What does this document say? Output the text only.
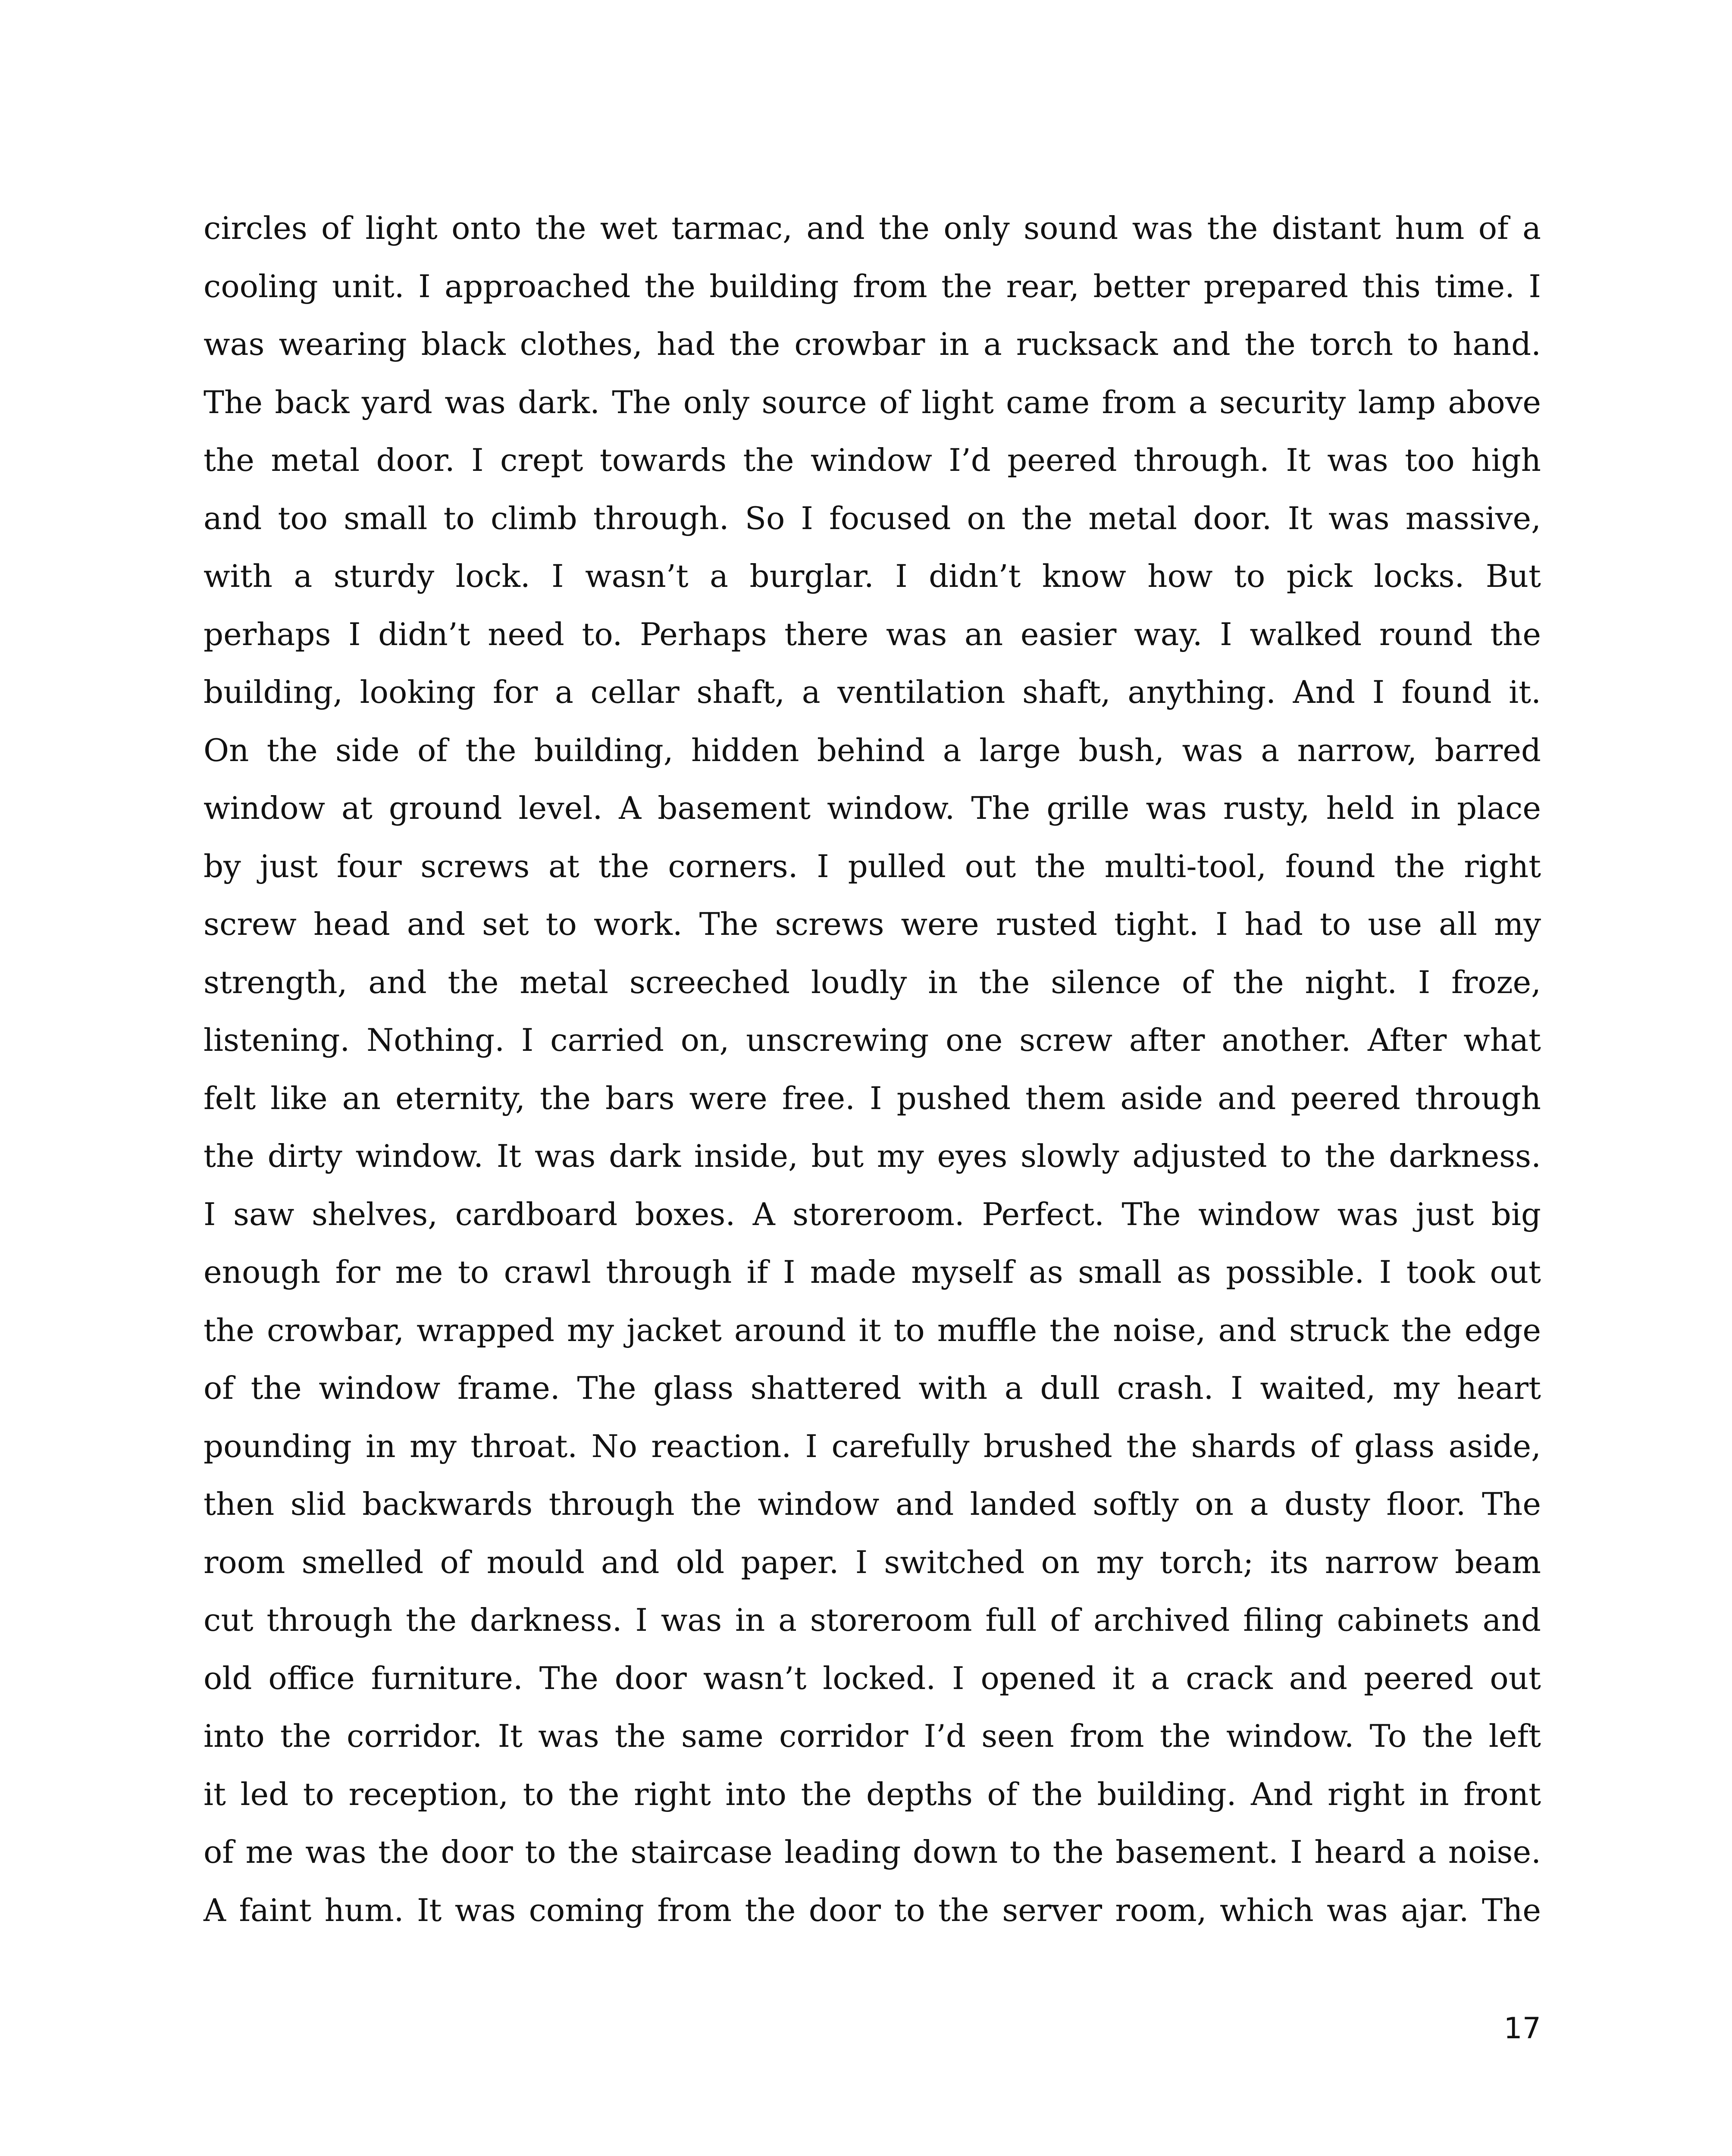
circles of light onto the wet tarmac, and the only sound was the distant hum of a
cooling unit. I approached the building from the rear, better prepared this time. I
was wearing black clothes, had the crowbar in a rucksack and the torch to hand.
The back yard was dark. The only source of light came from a security lamp above
the metal door. I crept towards the window I’d peered through. It was too high
and too small to climb through. So I focused on the metal door. It was massive,
with a sturdy lock. I wasn’t a burglar. I didn’t know how to pick locks. But
perhaps I didn’t need to. Perhaps there was an easier way. I walked round the
building, looking for a cellar shaft, a ventilation shaft, anything. And I found it.
On the side of the building, hidden behind a large bush, was a narrow, barred
window at ground level. A basement window. The grille was rusty, held in place
by just four screws at the corners. I pulled out the multi-tool, found the right
screw head and set to work. The screws were rusted tight. I had to use all my
strength, and the metal screeched loudly in the silence of the night. I froze,
listening. Nothing. I carried on, unscrewing one screw after another. After what
felt like an eternity, the bars were free. I pushed them aside and peered through
the dirty window. It was dark inside, but my eyes slowly adjusted to the darkness.
I saw shelves, cardboard boxes. A storeroom. Perfect. The window was just big
enough for me to crawl through if I made myself as small as possible. I took out
the crowbar, wrapped my jacket around it to muffle the noise, and struck the edge
of the window frame. The glass shattered with a dull crash. I waited, my heart
pounding in my throat. No reaction. I carefully brushed the shards of glass aside,
then slid backwards through the window and landed softly on a dusty floor. The
room smelled of mould and old paper. I switched on my torch; its narrow beam
cut through the darkness. I was in a storeroom full of archived filing cabinets and
old office furniture. The door wasn’t locked. I opened it a crack and peered out
into the corridor. It was the same corridor I’d seen from the window. To the left
it led to reception, to the right into the depths of the building. And right in front
of me was the door to the staircase leading down to the basement. I heard a noise.
A faint hum. It was coming from the door to the server room, which was ajar. The
17
